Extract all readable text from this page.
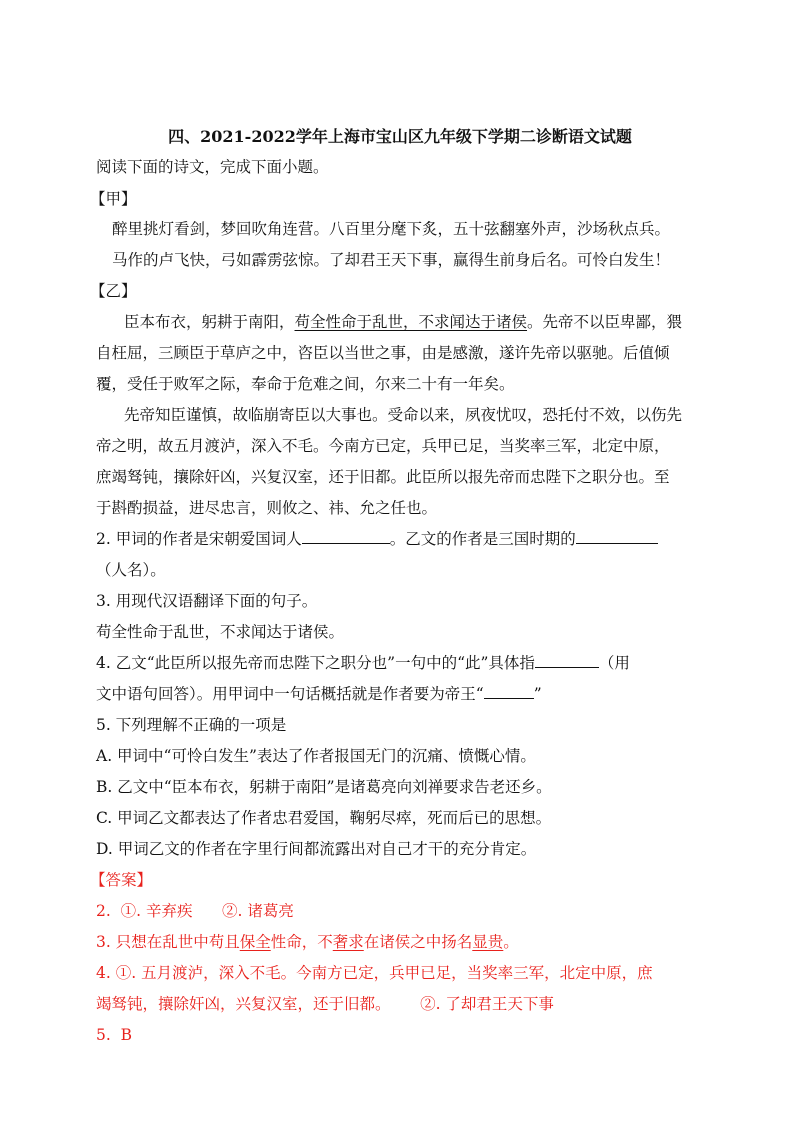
四、2021-2022学年上海市宝山区九年级下学期二诊断语文试题
阅读下面的诗文，完成下面小题。
【甲】
醉里挑灯看剑，梦回吹角连营。八百里分麾下炙，五十弦翻塞外声，沙场秋点兵。
马作的卢飞快，弓如霹雳弦惊。了却君王天下事，赢得生前身后名。可怜白发生！
【乙】
臣本布衣，躬耕于南阳，苟全性命于乱世，不求闻达于诸侯。先帝不以臣卑鄙，猥
自枉屈，三顾臣于草庐之中，咨臣以当世之事，由是感激，遂许先帝以驱驰。后值倾
覆，受任于败军之际，奉命于危难之间，尔来二十有一年矣。
先帝知臣谨慎，故临崩寄臣以大事也。受命以来，夙夜忧叹，恐托付不效，以伤先
帝之明，故五月渡泸，深入不毛。今南方已定，兵甲已足，当奖率三军，北定中原，
庶竭驽钝，攘除奸凶，兴复汉室，还于旧都。此臣所以报先帝而忠陛下之职分也。至
于斟酌损益，进尽忠言，则攸之、祎、允之任也。
2. 甲词的作者是宋朝爱国词人	。乙文的作者是三国时期的
（人名）。
3. 用现代汉语翻译下面的句子。
苟全性命于乱世，不求闻达于诸侯。
4. 乙文“此臣所以报先帝而忠陛下之职分也”一句中的“此”具体指	（用
文中语句回答）。用甲词中一句话概括就是作者要为帝王“	”
5. 下列理解不正确的一项是
A. 甲词中“可怜白发生”表达了作者报国无门的沉痛、愤慨心情。
B. 乙文中“臣本布衣，躬耕于南阳”是诸葛亮向刘禅要求告老还乡。
C. 甲词乙文都表达了作者忠君爱国，鞠躬尽瘁，死而后已的思想。
D. 甲词乙文的作者在字里行间都流露出对自己才干的充分肯定。
【答案】
2.  ①. 辛弃疾      ②. 诸葛亮
3. 只想在乱世中苟且保全性命，不奢求在诸侯之中扬名显贵。
4. ①. 五月渡泸，深入不毛。今南方已定，兵甲已足，当奖率三军，北定中原，庶
竭驽钝，攘除奸凶，兴复汉室，还于旧都。      ②. 了却君王天下事
5.  B
